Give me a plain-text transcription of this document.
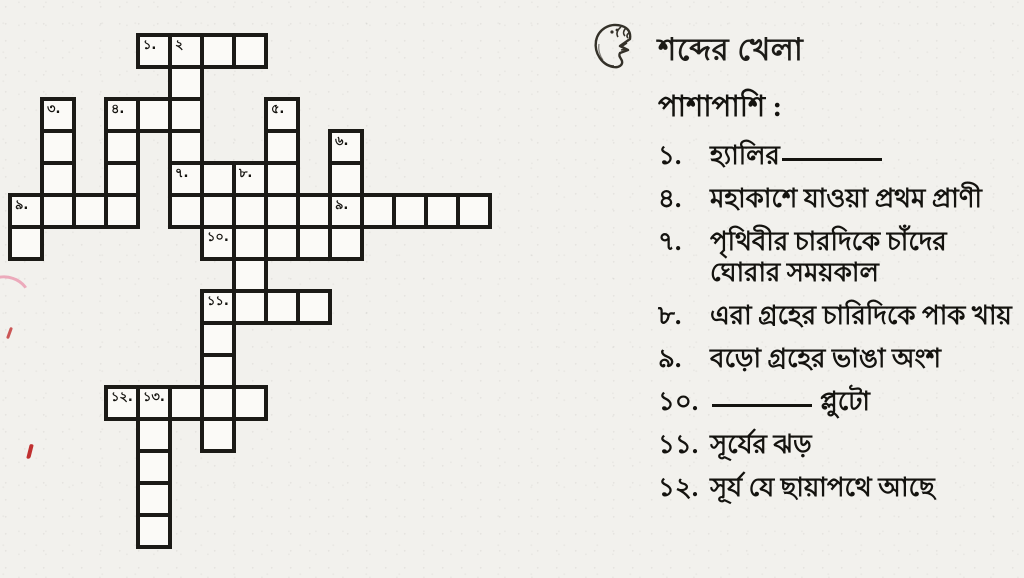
১. ২
৩.	৪.	৫.
৬.
৭.	৮.
৯.	৯.
১০.
১১.
১২. ১৩.
শব্দের খেলা
পাশাপাশি :
১.	হ্যালির
৪.	মহাকাশে যাওয়া প্রথম প্রাণী
৭.	পৃথিবীর চারদিকে চাঁদের ঘোরার সময়কাল
৮.	এরা গ্রহের চারিদিকে পাক খায়
৯.	বড়ো গ্রহের ভাঙা অংশ
১০.	প্লুটো
১১. সূর্যের ঝড়
১২. সূর্য যে ছায়াপথে আছে
